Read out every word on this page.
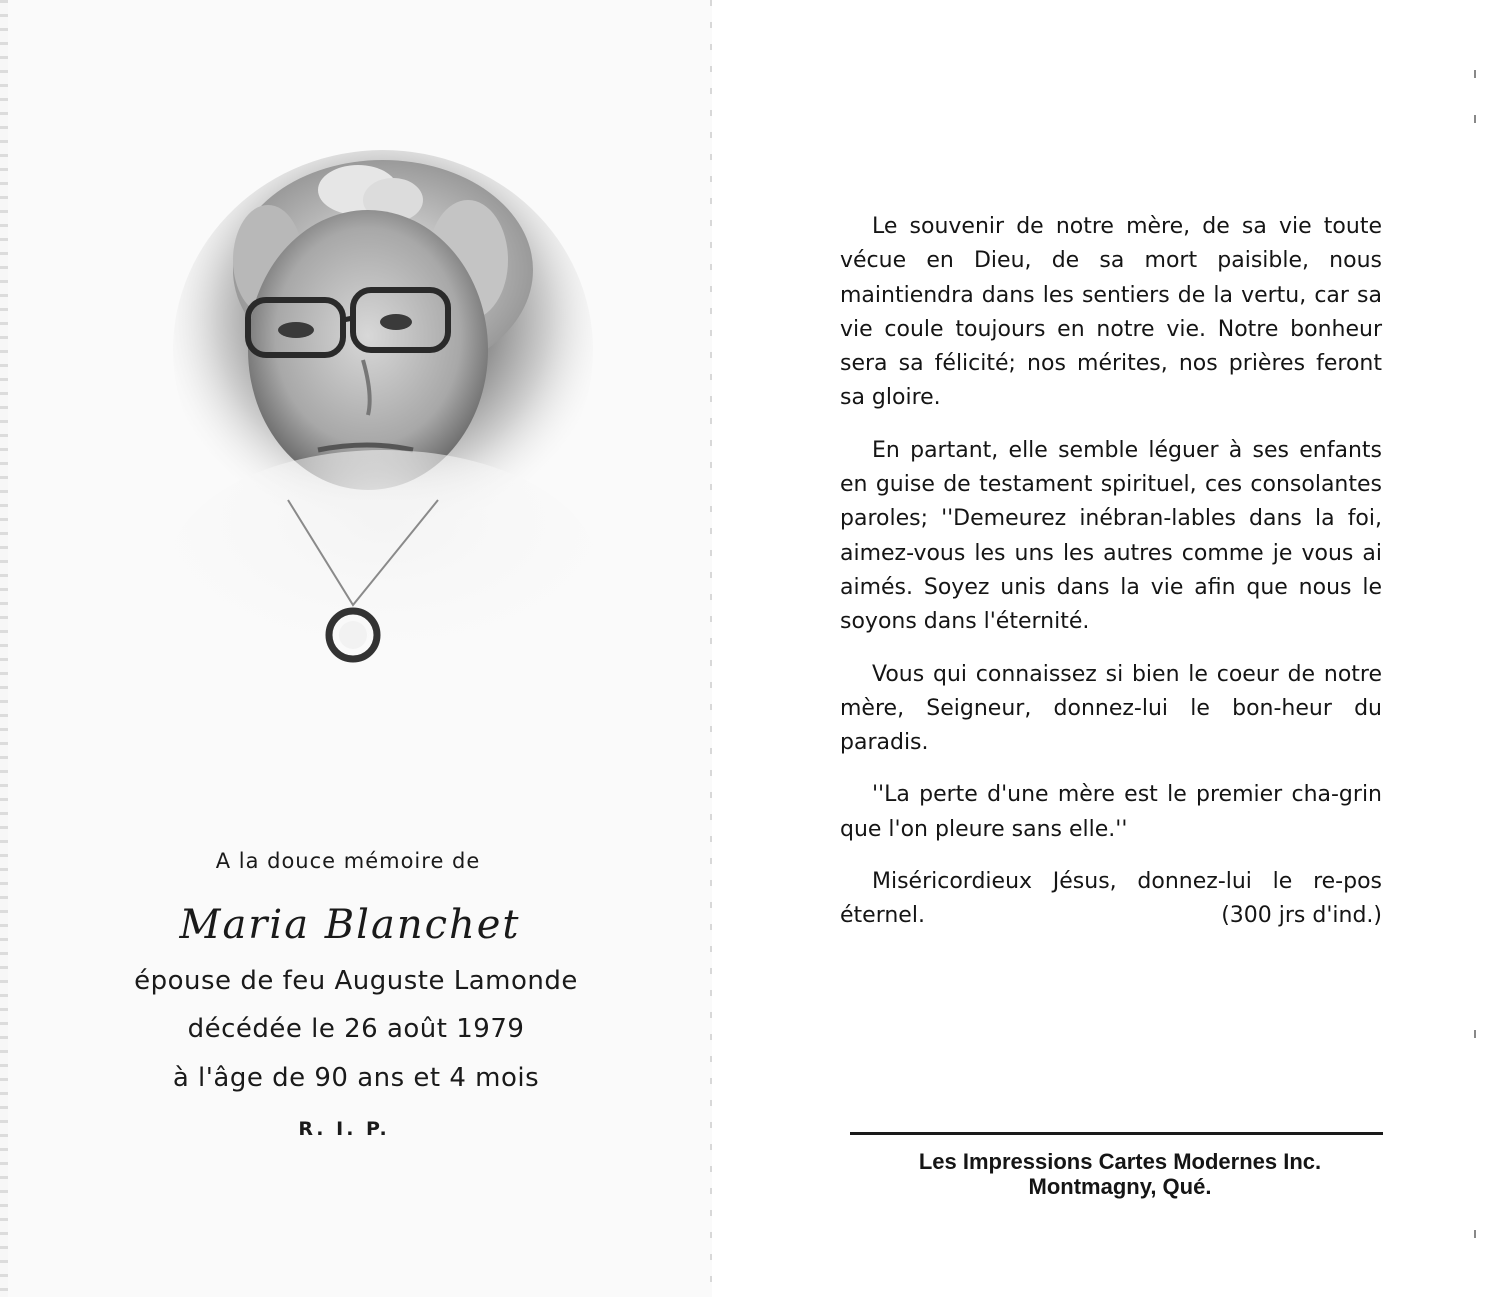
A la douce mémoire de
Maria Blanchet
épouse de feu Auguste Lamonde
décédée le 26 août 1979
à l'âge de 90 ans et 4 mois
R. I. P.

Le souvenir de notre mère, de sa vie toute vécue en Dieu, de sa mort paisible, nous maintiendra dans les sentiers de la vertu, car sa vie coule toujours en notre vie. Notre bonheur sera sa félicité; nos mérites, nos prières feront sa gloire.

En partant, elle semble léguer à ses enfants en guise de testament spirituel, ces consolantes paroles; ''Demeurez inébran-lables dans la foi, aimez-vous les uns les autres comme je vous ai aimés. Soyez unis dans la vie afin que nous le soyons dans l'éternité.

Vous qui connaissez si bien le coeur de notre mère, Seigneur, donnez-lui le bon-heur du paradis.

''La perte d'une mère est le premier cha-grin que l'on pleure sans elle.''

Miséricordieux Jésus, donnez-lui le re-pos éternel.	(300 jrs d'ind.)

Les Impressions Cartes Modernes Inc.
Montmagny, Qué.
